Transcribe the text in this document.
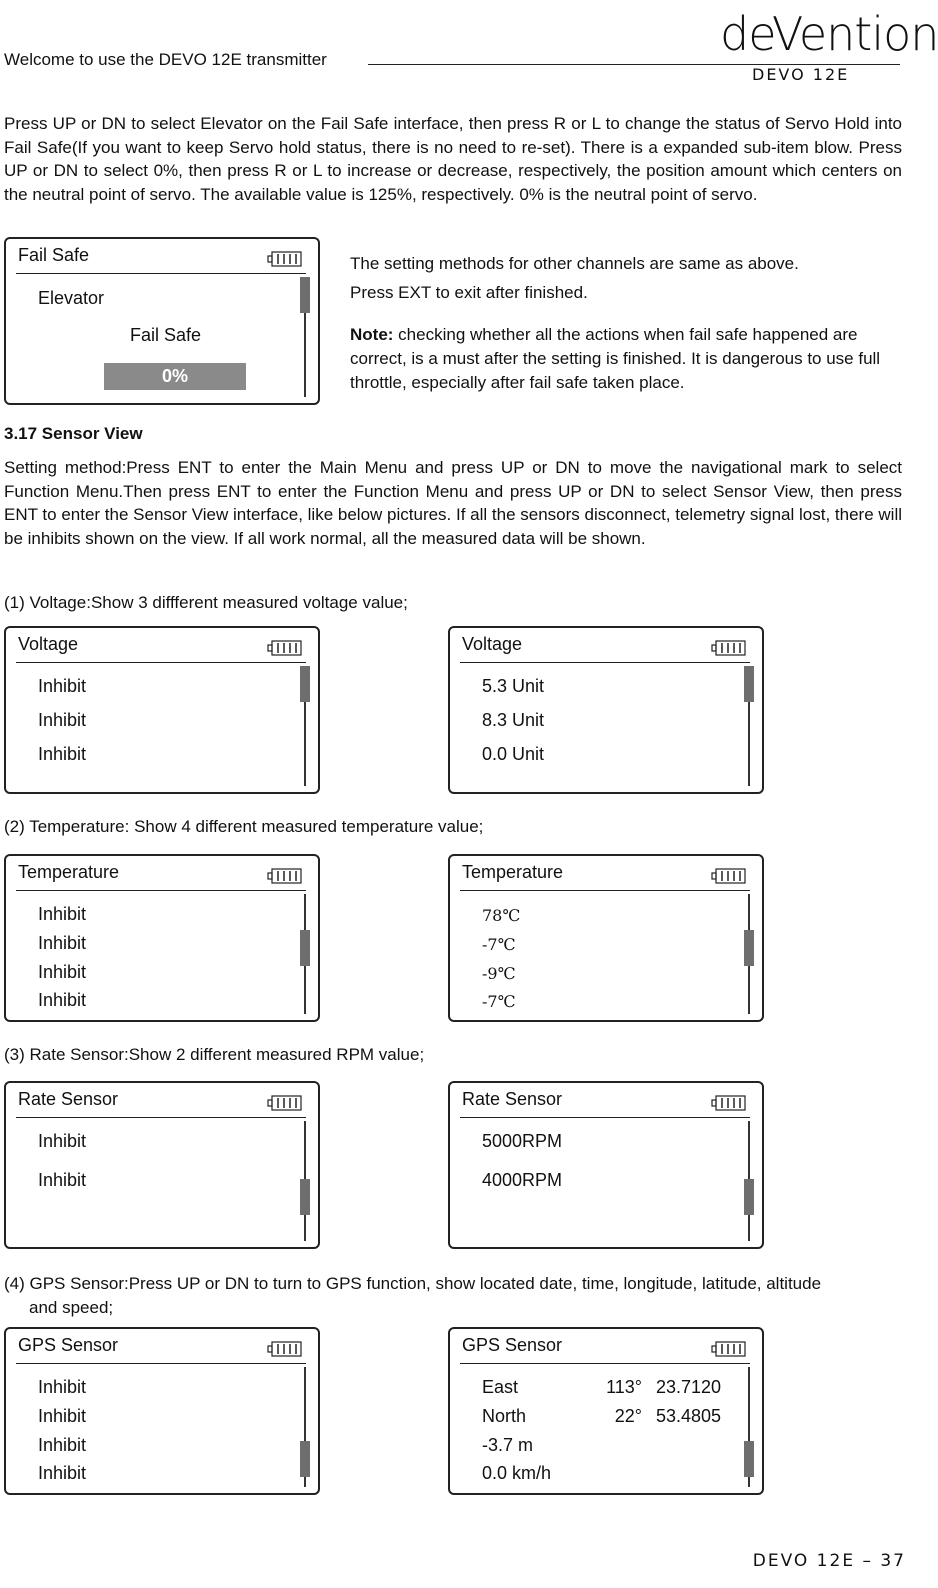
Welcome to use the DEVO 12E transmitter	deVention
DEVO 12E
Press UP or DN to select Elevator on the Fail Safe interface, then press R or L to change the status of Servo Hold into Fail Safe(If you want to keep Servo hold status, there is no need to re-set). There is a expanded sub-item blow. Press UP or DN to select 0%, then press R or L to increase or decrease, respectively, the position amount which centers on the neutral point of servo. The available value is 125%, respectively. 0% is the neutral point of servo.
Fail Safe
Elevator
Fail Safe
0%
The setting methods for other channels are same as above.
Press EXT to exit after finished.
Note: checking whether all the actions when fail safe happened are correct, is a must after the setting is finished. It is dangerous to use full throttle, especially after fail safe taken place.
3.17 Sensor View
Setting method:Press ENT to enter the Main Menu and press UP or DN to move the navigational mark to select Function Menu.Then press ENT to enter the Function Menu and press UP or DN to select Sensor View, then press ENT to enter the Sensor View interface, like below pictures. If all the sensors disconnect, telemetry signal lost, there will be inhibits shown on the view. If all work normal, all the measured data will be shown.
(1) Voltage:Show 3 diffferent measured voltage value;
Voltage
Inhibit
Inhibit
Inhibit
Voltage
5.3 Unit
8.3 Unit
0.0 Unit
(2) Temperature: Show 4 different measured temperature value;
Temperature
Inhibit
Inhibit
Inhibit
Inhibit
Temperature
78℃
-7℃
-9℃
-7℃
(3) Rate Sensor:Show 2 different measured RPM value;
Rate Sensor
Inhibit
Inhibit
Rate Sensor
5000RPM
4000RPM
(4) GPS Sensor:Press UP or DN to turn to GPS function, show located date, time, longitude, latitude, altitude
and speed;
GPS Sensor
Inhibit
Inhibit
Inhibit
Inhibit
GPS Sensor
East	113° 23.7120
North	22° 53.4805
-3.7 m
0.0 km/h
DEVO 12E – 37
